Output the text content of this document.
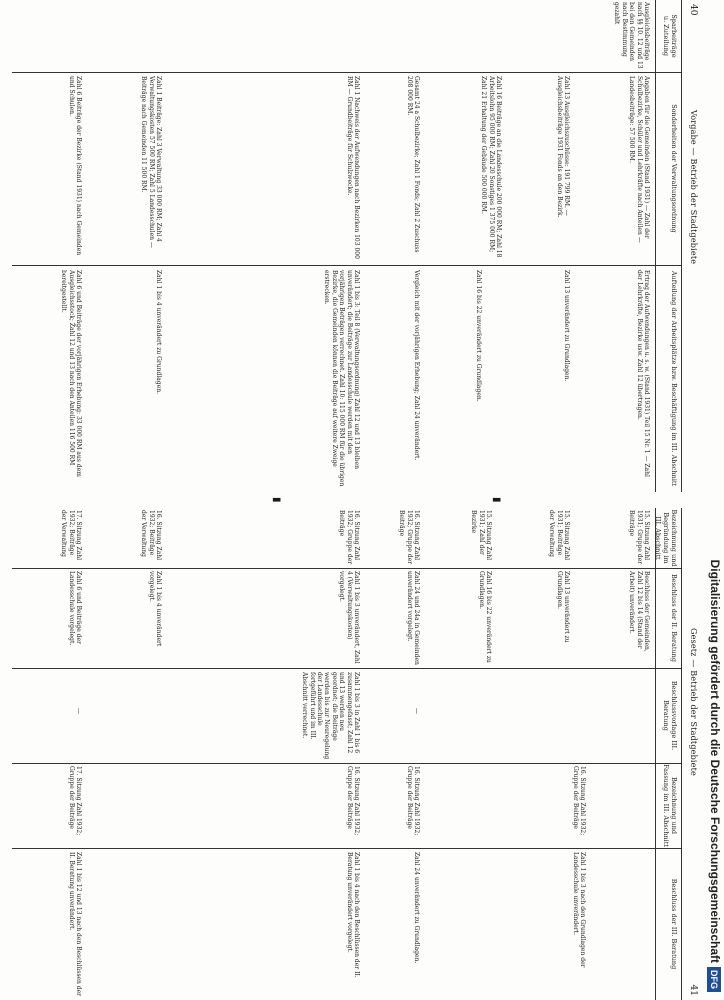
40
Vorgabe — Betrieb der Stadtgebiete
Sparbeiträge
u. Zuteilung
Sonderheiten der Verwaltungsordnung
Aufteilung der Arbeitsplätze bzw. Beschäftigung im III. Abschnitt
Ausgleichsbeiträge nach §§ 10. 12 und 13 bei den Gemeinden nach Bestimmung gezahlt
Angaben für die Gemeinden (Stand 1931) — Zahl der Schulbezirke, Schüler und Lehrkräfte nach Anteilen — Landesbeiträge: 57 500 RM.
Ertrag der Aufwendungen u. s. w. (Stand 1931) Teil 15 Nr. 1 — Zahl der Lehrkräfte, Bezirke usw. Zahl 12 übertragen.
Zahl 13 Ausgleichszuschüsse: 191 799 RM. — Ausgleichsbeiträge 1931 Fonds an den Bezirk.
Zahl 13 unverändert zu Grundlagen.
Zahl 16 Beiträge an die Landesschule 200 000 RM; Zahl 18 Arbeitslohn 95 000 RM; Zahl 20 Sonstiges 1 375 000 RM; Zahl 21 Erhaltung der Gebäude 500 000 RM.
Zahl 16 bis 22 unverändert zu Grundlagen.
Gesamt 24 a Schulbezirke; Zahl 1 Fonds; Zahl 2 Zuschuss 208 000 RM.
Vergleich mit der vorjährigen Erhebung; Zahl 24 unverändert.
Zahl 1 Nachweis der Aufwendungen nach Bezirken 103 000 RM — Grundbeiträge für Schulzwecke.
Zahl 1 bis 3: Teil 8 (Verwaltungsordnung) Zahl 12 und 13 bleiben unverändert; die Beiträge zur Landesschule werden mit den vorjährigen Beträgen verrechnet. Zahl 10: 115 000 RM für die übrigen Bezirke, die Gemeinden können die Beiträge auf weitere Zweige erstrecken.
Zahl 1 Beiträge: Zahl 3 Verwaltung 33 000 RM; Zahl 4 Verwaltungskosten 57 500 RM; Zahl 5 Landesschulen — Beiträge nach Gemeinden 11 500 RM.
Zahl 1 bis 4 unverändert zu Grundlagen.
Zahl 6 Beiträge der Bezirke (Stand 1931) nach Gemeinden und Schulen.
Zahl 6 und Beiträge der vorjährigen Erhebung: 33 000 RM aus dem Ausgleichsstock; Zahl 12 und 13 nach den Anteilen 116 500 RM bereitgestellt.
▮
▮
Gesetz — Betrieb der Stadtgebiete
41
Bezeichnung und Begründung im III. Abschnitt
Beschluss der II. Beratung
Beschlussvorlage III. Beratung
Bezeichnung und Fassung im III. Abschnitt
Beschluss der III. Beratung
15. Sitzung Zahl 1931; Gruppe der Beiträge
Beschluss der Gemeinden, Zahl 12 bis 14 (Stand der Arbeit) unverändert.
16. Sitzung Zahl 1932; Gruppe der Beiträge
Zahl 1 bis 3 nach den Grundlagen der Landesschule unverändert.
15. Sitzung Zahl 1931; Beiträge der Verwaltung
Zahl 13 unverändert zu Grundlagen.
15. Sitzung Zahl 1931; Zahl der Bezirke
Zahl 16 bis 22 unverändert zu Grundlagen.
16. Sitzung Zahl 1932; Gruppe der Beiträge
Zahl 24 und 24a in Gemeinden unverändert vorgelegt.
—
16. Sitzung Zahl 1932; Gruppe der Beiträge
Zahl 24 unverändert zu Grundlagen.
16. Sitzung Zahl 1932; Gruppe der Beiträge
Zahl 1 bis 3 unverändert, Zahl 4 (Verwaltungskosten) vorgelegt.
Zahl 1 bis 3 in Zahl 1 bis 6 zusammengefasst; Zahl 12 und 13 werden neu geordnet; die Beiträge werden bis zur Neuregelung der Landesschule fortgeführt und im III. Abschnitt verrechnet.
16. Sitzung Zahl 1932; Gruppe der Beiträge
Zahl 1 bis 4 nach den Beschlüssen der II. Beratung unverändert vorgelegt.
16. Sitzung Zahl 1932; Beiträge der Verwaltung
Zahl 1 bis 4 unverändert vorgelegt.
17. Sitzung Zahl 1932; Beiträge der Verwaltung
Zahl 6 und Beiträge der Landesschule vorgelegt.
—
17. Sitzung Zahl 1932; Gruppe der Beiträge
Zahl 1 bis 12 und 13 nach den Beschlüssen der II. Beratung unverändert.	Digitalisierung gefördert durch die Deutsche ForschungsgemeinschaftDFG
